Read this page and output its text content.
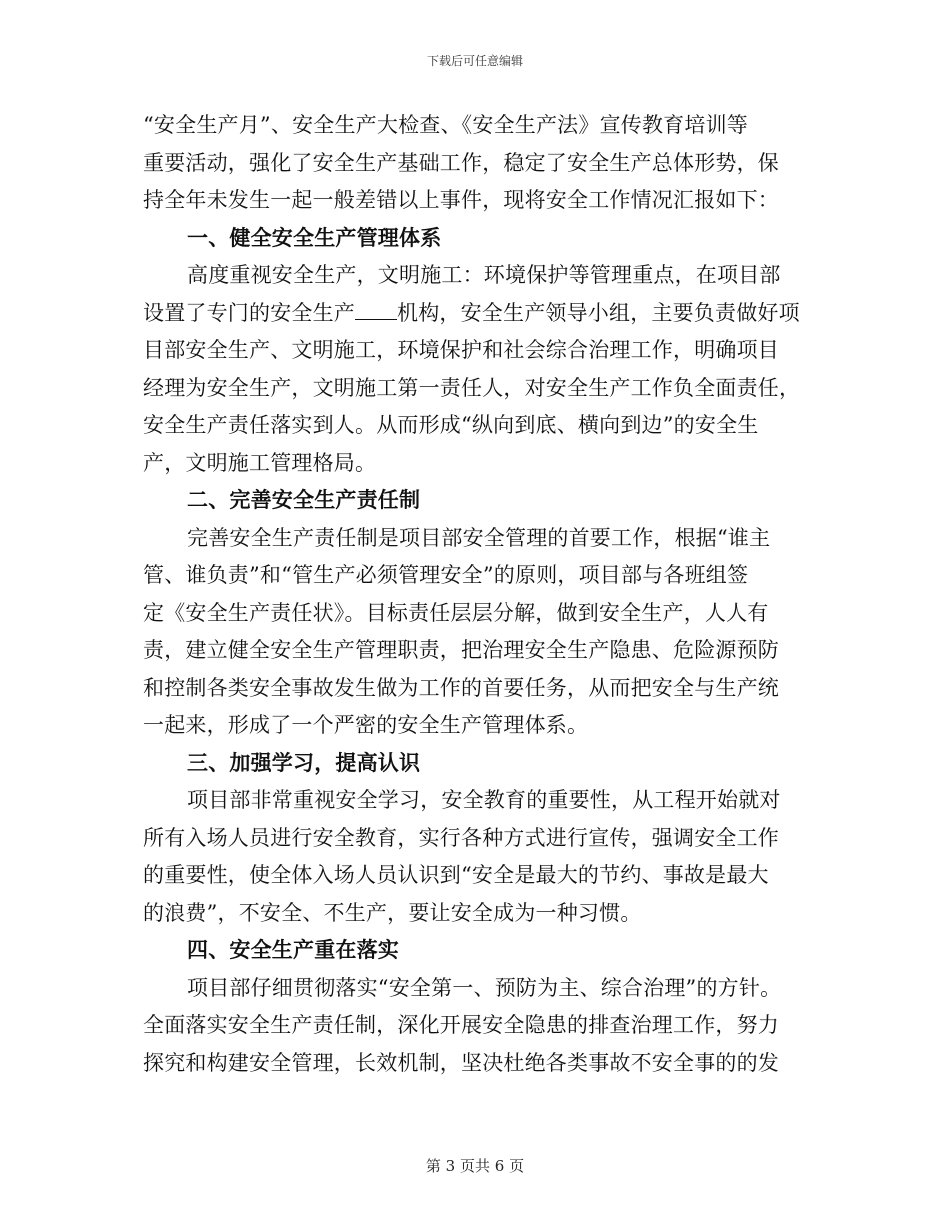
下载后可任意编辑
“安全生产月”、安全生产大检查、《安全生产法》宣传教育培训等
重要活动，强化了安全生产基础工作，稳定了安全生产总体形势，保
持全年未发生一起一般差错以上事件，现将安全工作情况汇报如下：
一、健全安全生产管理体系
高度重视安全生产，文明施工：环境保护等管理重点，在项目部
设置了专门的安全生产 机构，安全生产领导小组，主要负责做好项
目部安全生产、文明施工，环境保护和社会综合治理工作，明确项目
经理为安全生产，文明施工第一责任人，对安全生产工作负全面责任，
安全生产责任落实到人。从而形成“纵向到底、横向到边”的安全生
产，文明施工管理格局。
二、完善安全生产责任制
完善安全生产责任制是项目部安全管理的首要工作，根据“谁主
管、谁负责”和“管生产必须管理安全”的原则，项目部与各班组签
定《安全生产责任状》。目标责任层层分解，做到安全生产，人人有
责，建立健全安全生产管理职责，把治理安全生产隐患、危险源预防
和控制各类安全事故发生做为工作的首要任务，从而把安全与生产统
一起来，形成了一个严密的安全生产管理体系。
三、加强学习，提高认识
项目部非常重视安全学习，安全教育的重要性，从工程开始就对
所有入场人员进行安全教育，实行各种方式进行宣传，强调安全工作
的重要性，使全体入场人员认识到“安全是最大的节约、事故是最大
的浪费”，不安全、不生产，要让安全成为一种习惯。
四、安全生产重在落实
项目部仔细贯彻落实“安全第一、预防为主、综合治理”的方针。
全面落实安全生产责任制，深化开展安全隐患的排查治理工作，努力
探究和构建安全管理，长效机制，坚决杜绝各类事故不安全事的的发
第 3 页共 6 页
